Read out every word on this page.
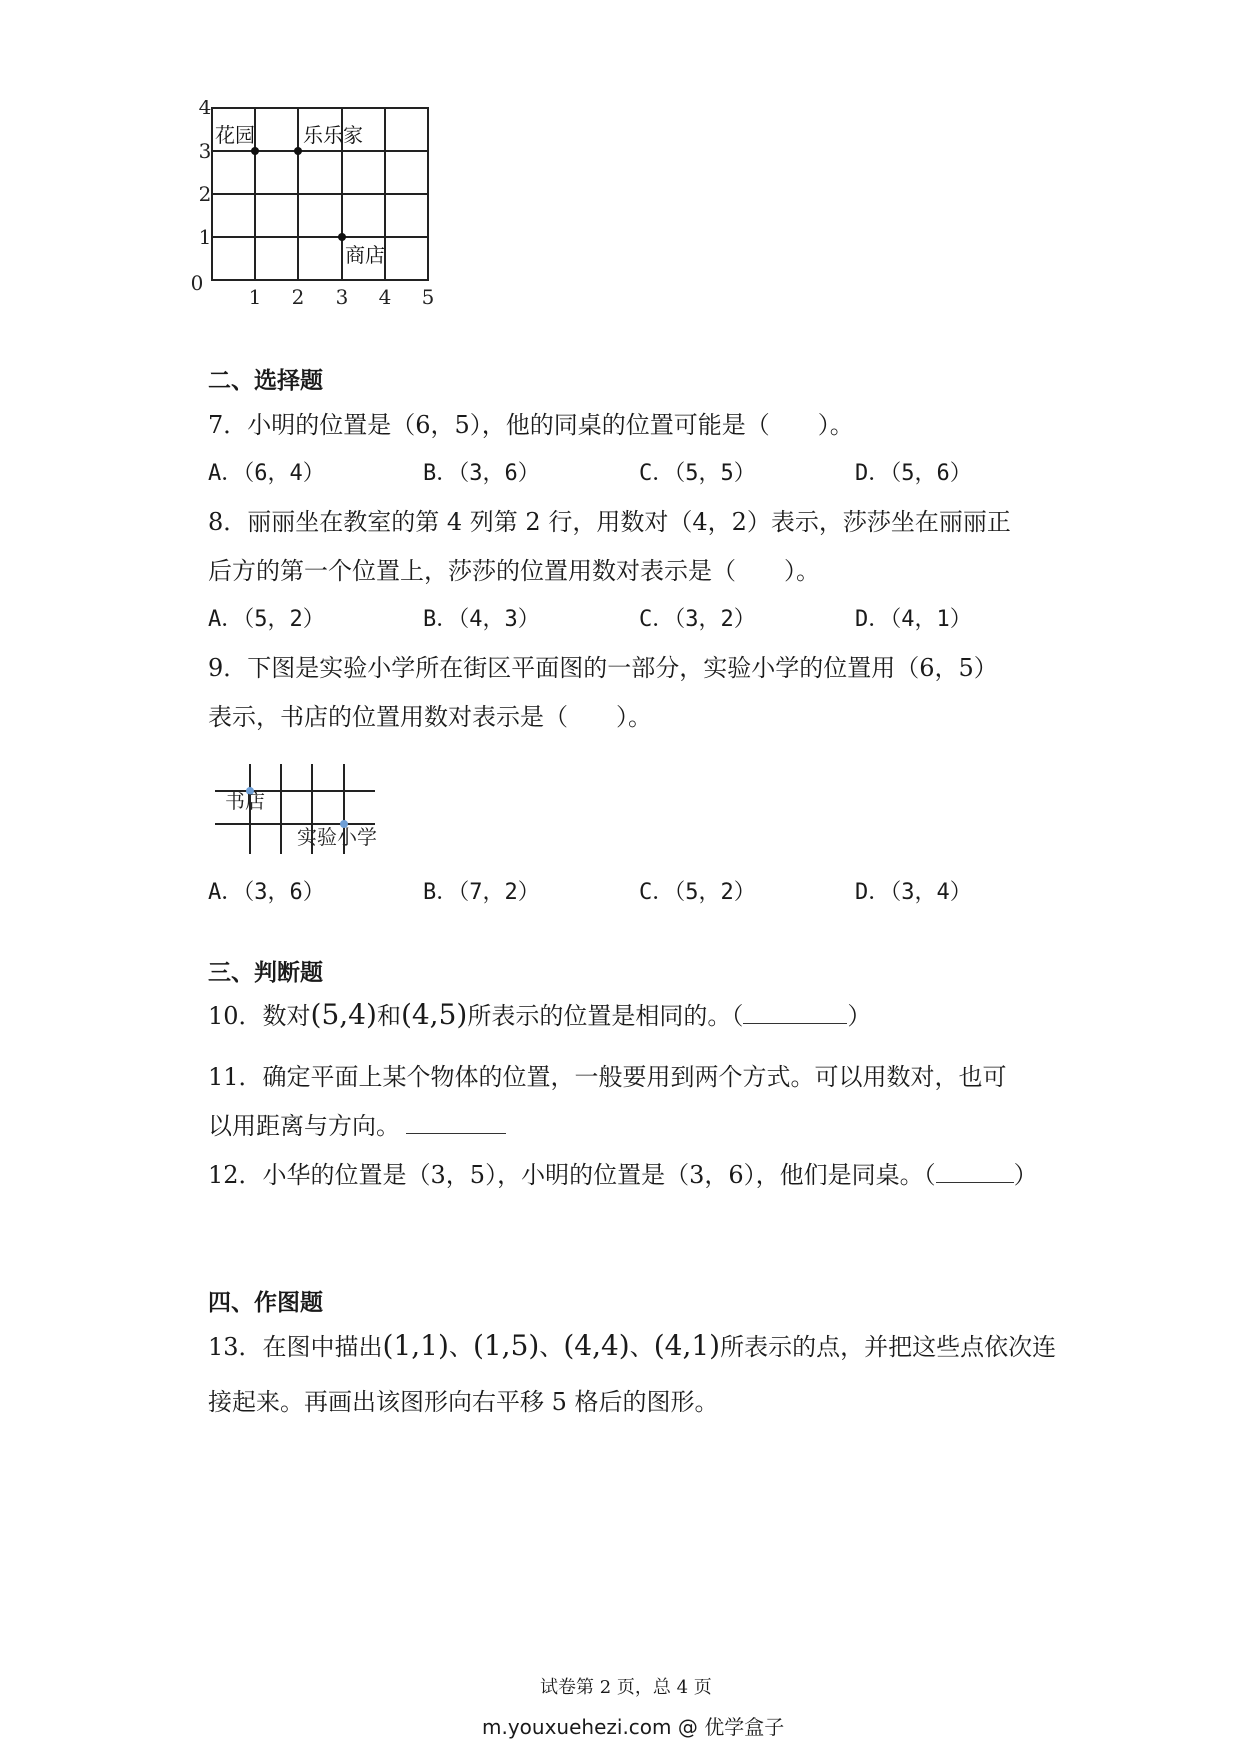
0
1
2
3
4
1 2 3 4 5
花园 乐乐家
商店
二、选择题
7．小明的位置是（6，5），他的同桌的位置可能是（　　）。
A．（6，4）	B．（3，6）	C．（5，5）	D．（5，6）
8．丽丽坐在教室的第 4 列第 2 行，用数对（4，2）表示，莎莎坐在丽丽正
后方的第一个位置上，莎莎的位置用数对表示是（　　）。
A．（5，2）	B．（4，3）	C．（3，2）	D．（4，1）
9．下图是实验小学所在街区平面图的一部分，实验小学的位置用（6，5）
表示，书店的位置用数对表示是（　　）。
书店
实验小学
A．（3，6）	B．（7，2）	C．（5，2）	D．（3，4）
三、判断题
10．数对(5,4)和(4,5)所表示的位置是相同的。（	）
11．确定平面上某个物体的位置，一般要用到两个方式。可以用数对，也可
以用距离与方向。
12．小华的位置是（3，5），小明的位置是（3，6），他们是同桌。（	）
四、作图题
13．在图中描出(1,1)、(1,5)、(4,4)、(4,1)所表示的点，并把这些点依次连
接起来。再画出该图形向右平移 5 格后的图形。
试卷第 2 页，总 4 页
m.youxuehezi.com @ 优学盒子
